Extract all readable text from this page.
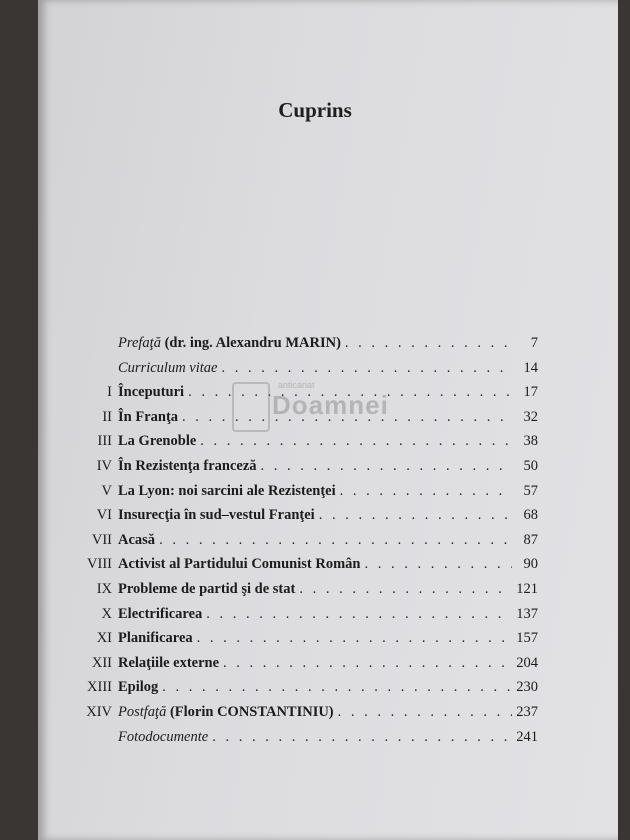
Cuprins
Prefaţă (dr. ing. Alexandru MARIN) . . .	7
Curriculum vitae . . .	14
I Începuturi . . .	17
II În Franţa . . .	32
III La Grenoble . . .	38
IV În Rezistenţa franceză . . .	50
V La Lyon: noi sarcini ale Rezistenţei . . .	57
VI Insurecţia în sud–vestul Franţei . . .	68
VII Acasă . . .	87
VIII Activist al Partidului Comunist Român . . .	90
IX Probleme de partid şi de stat . . .	121
X Electrificarea . . .	137
XI Planificarea . . .	157
XII Relaţiile externe . . .	204
XIII Epilog . . .	230
XIV Postfaţă (Florin CONSTANTINIU) . . .	237
Fotodocumente . . .	241
anticariat
Doamnei
